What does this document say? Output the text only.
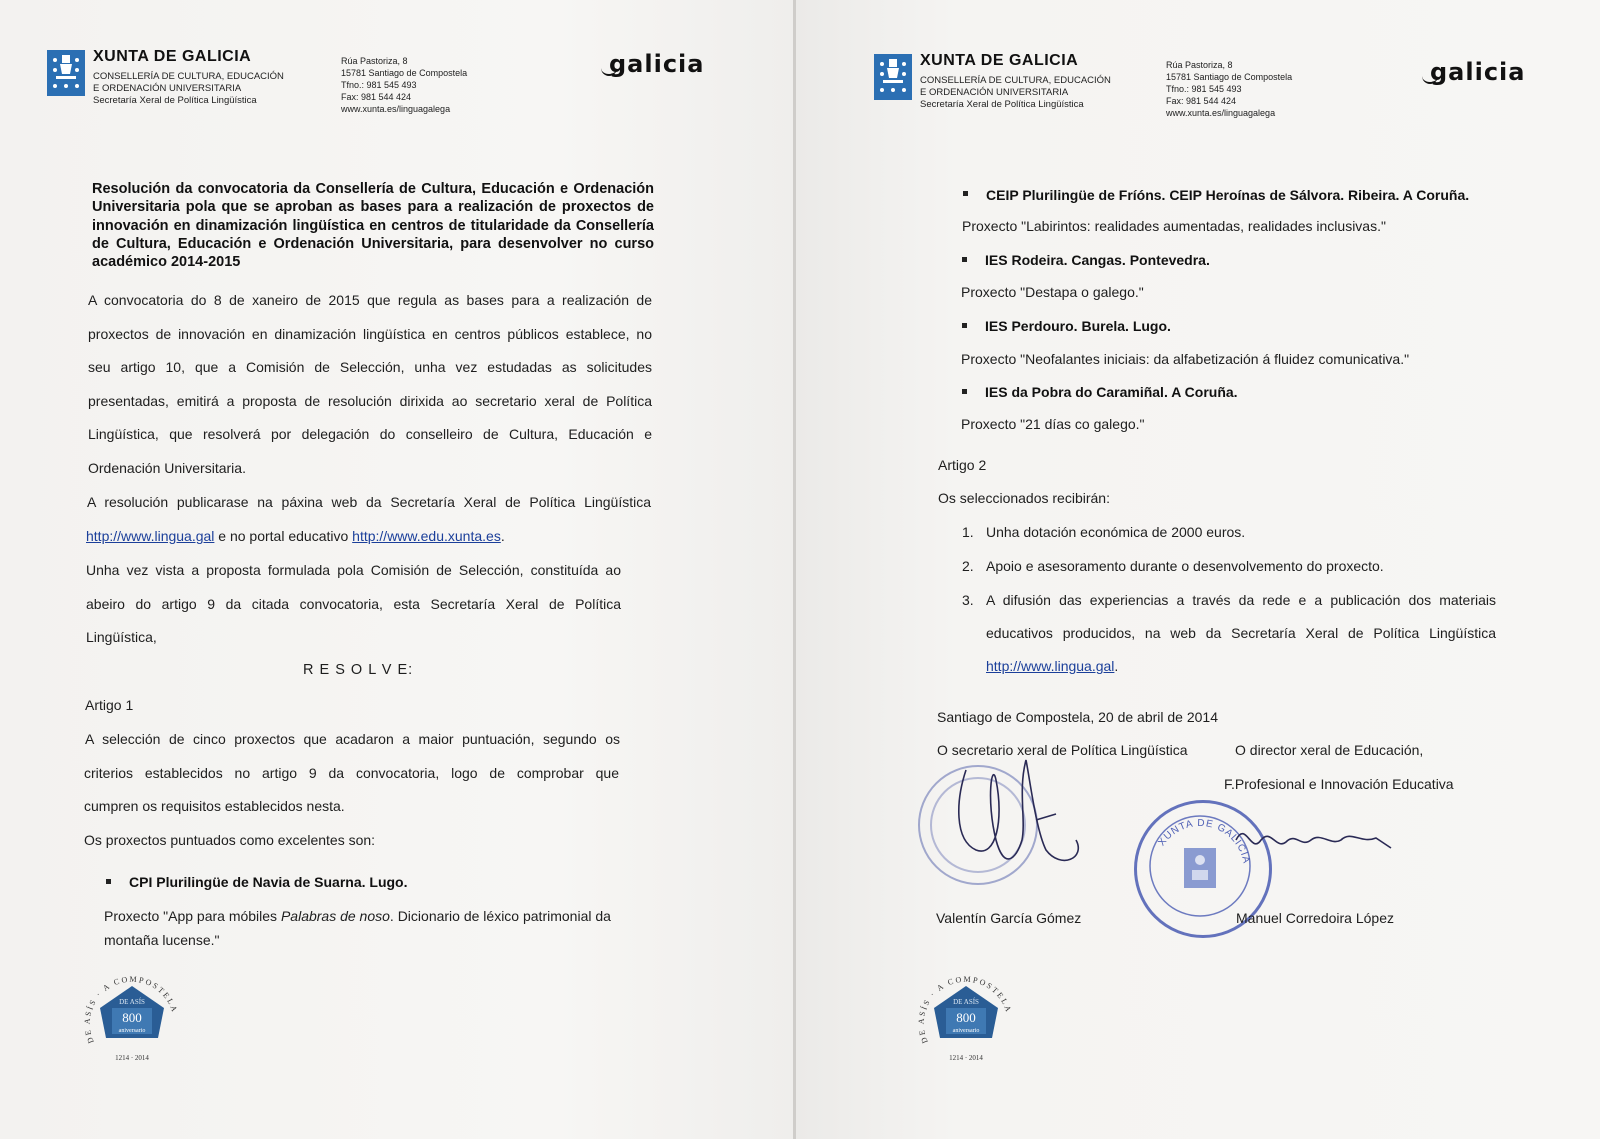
XUNTA DE GALICIA
CONSELLERÍA DE CULTURA, EDUCACIÓN
E ORDENACIÓN UNIVERSITARIA
Secretaría Xeral de Política Lingüística
Rúa Pastoriza, 8
15781 Santiago de Compostela
Tfno.: 981 545 493
Fax: 981 544 424
www.xunta.es/linguagalega
galicia
Resolución da convocatoria da Consellería de Cultura, Educación e Ordenación Universitaria pola que se aproban as bases para a realización de proxectos de innovación en dinamización lingüística en centros de titularidade da Consellería de Cultura, Educación e Ordenación Universitaria, para desenvolver no curso académico 2014-2015
A convocatoria do 8 de xaneiro de 2015 que regula as bases para a realización de
proxectos de innovación en dinamización lingüística en centros públicos establece, no
seu artigo 10, que a Comisión de Selección, unha vez estudadas as solicitudes
presentadas, emitirá a proposta de resolución dirixida ao secretario xeral de Política
Lingüística, que resolverá por delegación do conselleiro de Cultura, Educación e
Ordenación Universitaria.
A resolución publicarase na páxina web da Secretaría Xeral de Política Lingüística
http://www.lingua.gal e no portal educativo http://www.edu.xunta.es.
Unha vez vista a proposta formulada pola Comisión de Selección, constituída ao
abeiro do artigo 9 da citada convocatoria, esta Secretaría Xeral de Política
Lingüística,
R E S O L V E:
Artigo 1
A selección de cinco proxectos que acadaron a maior puntuación, segundo os
criterios establecidos no artigo 9 da convocatoria, logo de comprobar que
cumpren os requisitos establecidos nesta.
Os proxectos puntuados como excelentes son:
CPI Plurilingüe de Navia de Suarna. Lugo.
Proxecto "App para móbiles Palabras de noso. Dicionario de léxico patrimonial da
montaña lucense."
DE ASÍS
800
aniversario
DE ASÍS · A COMPOSTELA
1214 · 2014
XUNTA DE GALICIA
CONSELLERÍA DE CULTURA, EDUCACIÓN
E ORDENACIÓN UNIVERSITARIA
Secretaría Xeral de Política Lingüística
Rúa Pastoriza, 8
15781 Santiago de Compostela
Tfno.: 981 545 493
Fax: 981 544 424
www.xunta.es/linguagalega
galicia
CEIP Plurilingüe de Fríóns. CEIP Heroínas de Sálvora. Ribeira. A Coruña.
Proxecto "Labirintos: realidades aumentadas, realidades inclusivas."
IES Rodeira. Cangas. Pontevedra.
Proxecto "Destapa o galego."
IES Perdouro. Burela. Lugo.
Proxecto "Neofalantes iniciais: da alfabetización á fluidez comunicativa."
IES da Pobra do Caramiñal. A Coruña.
Proxecto "21 días co galego."
Artigo 2
Os seleccionados recibirán:
1. Unha dotación económica de 2000 euros.
2. Apoio e asesoramento durante o desenvolvemento do proxecto.
3. A difusión das experiencias a través da rede e a publicación dos materiais
educativos producidos, na web da Secretaría Xeral de Política Lingüística
http://www.lingua.gal.
Santiago de Compostela, 20 de abril de 2014
O secretario xeral de Política Lingüística	O director xeral de Educación,
F.Profesional e Innovación Educativa
XUNTA DE GALICIA
Valentín García Gómez	Manuel Corredoira López
DE ASÍS
800
aniversario
DE ASÍS · A COMPOSTELA
1214 · 2014
